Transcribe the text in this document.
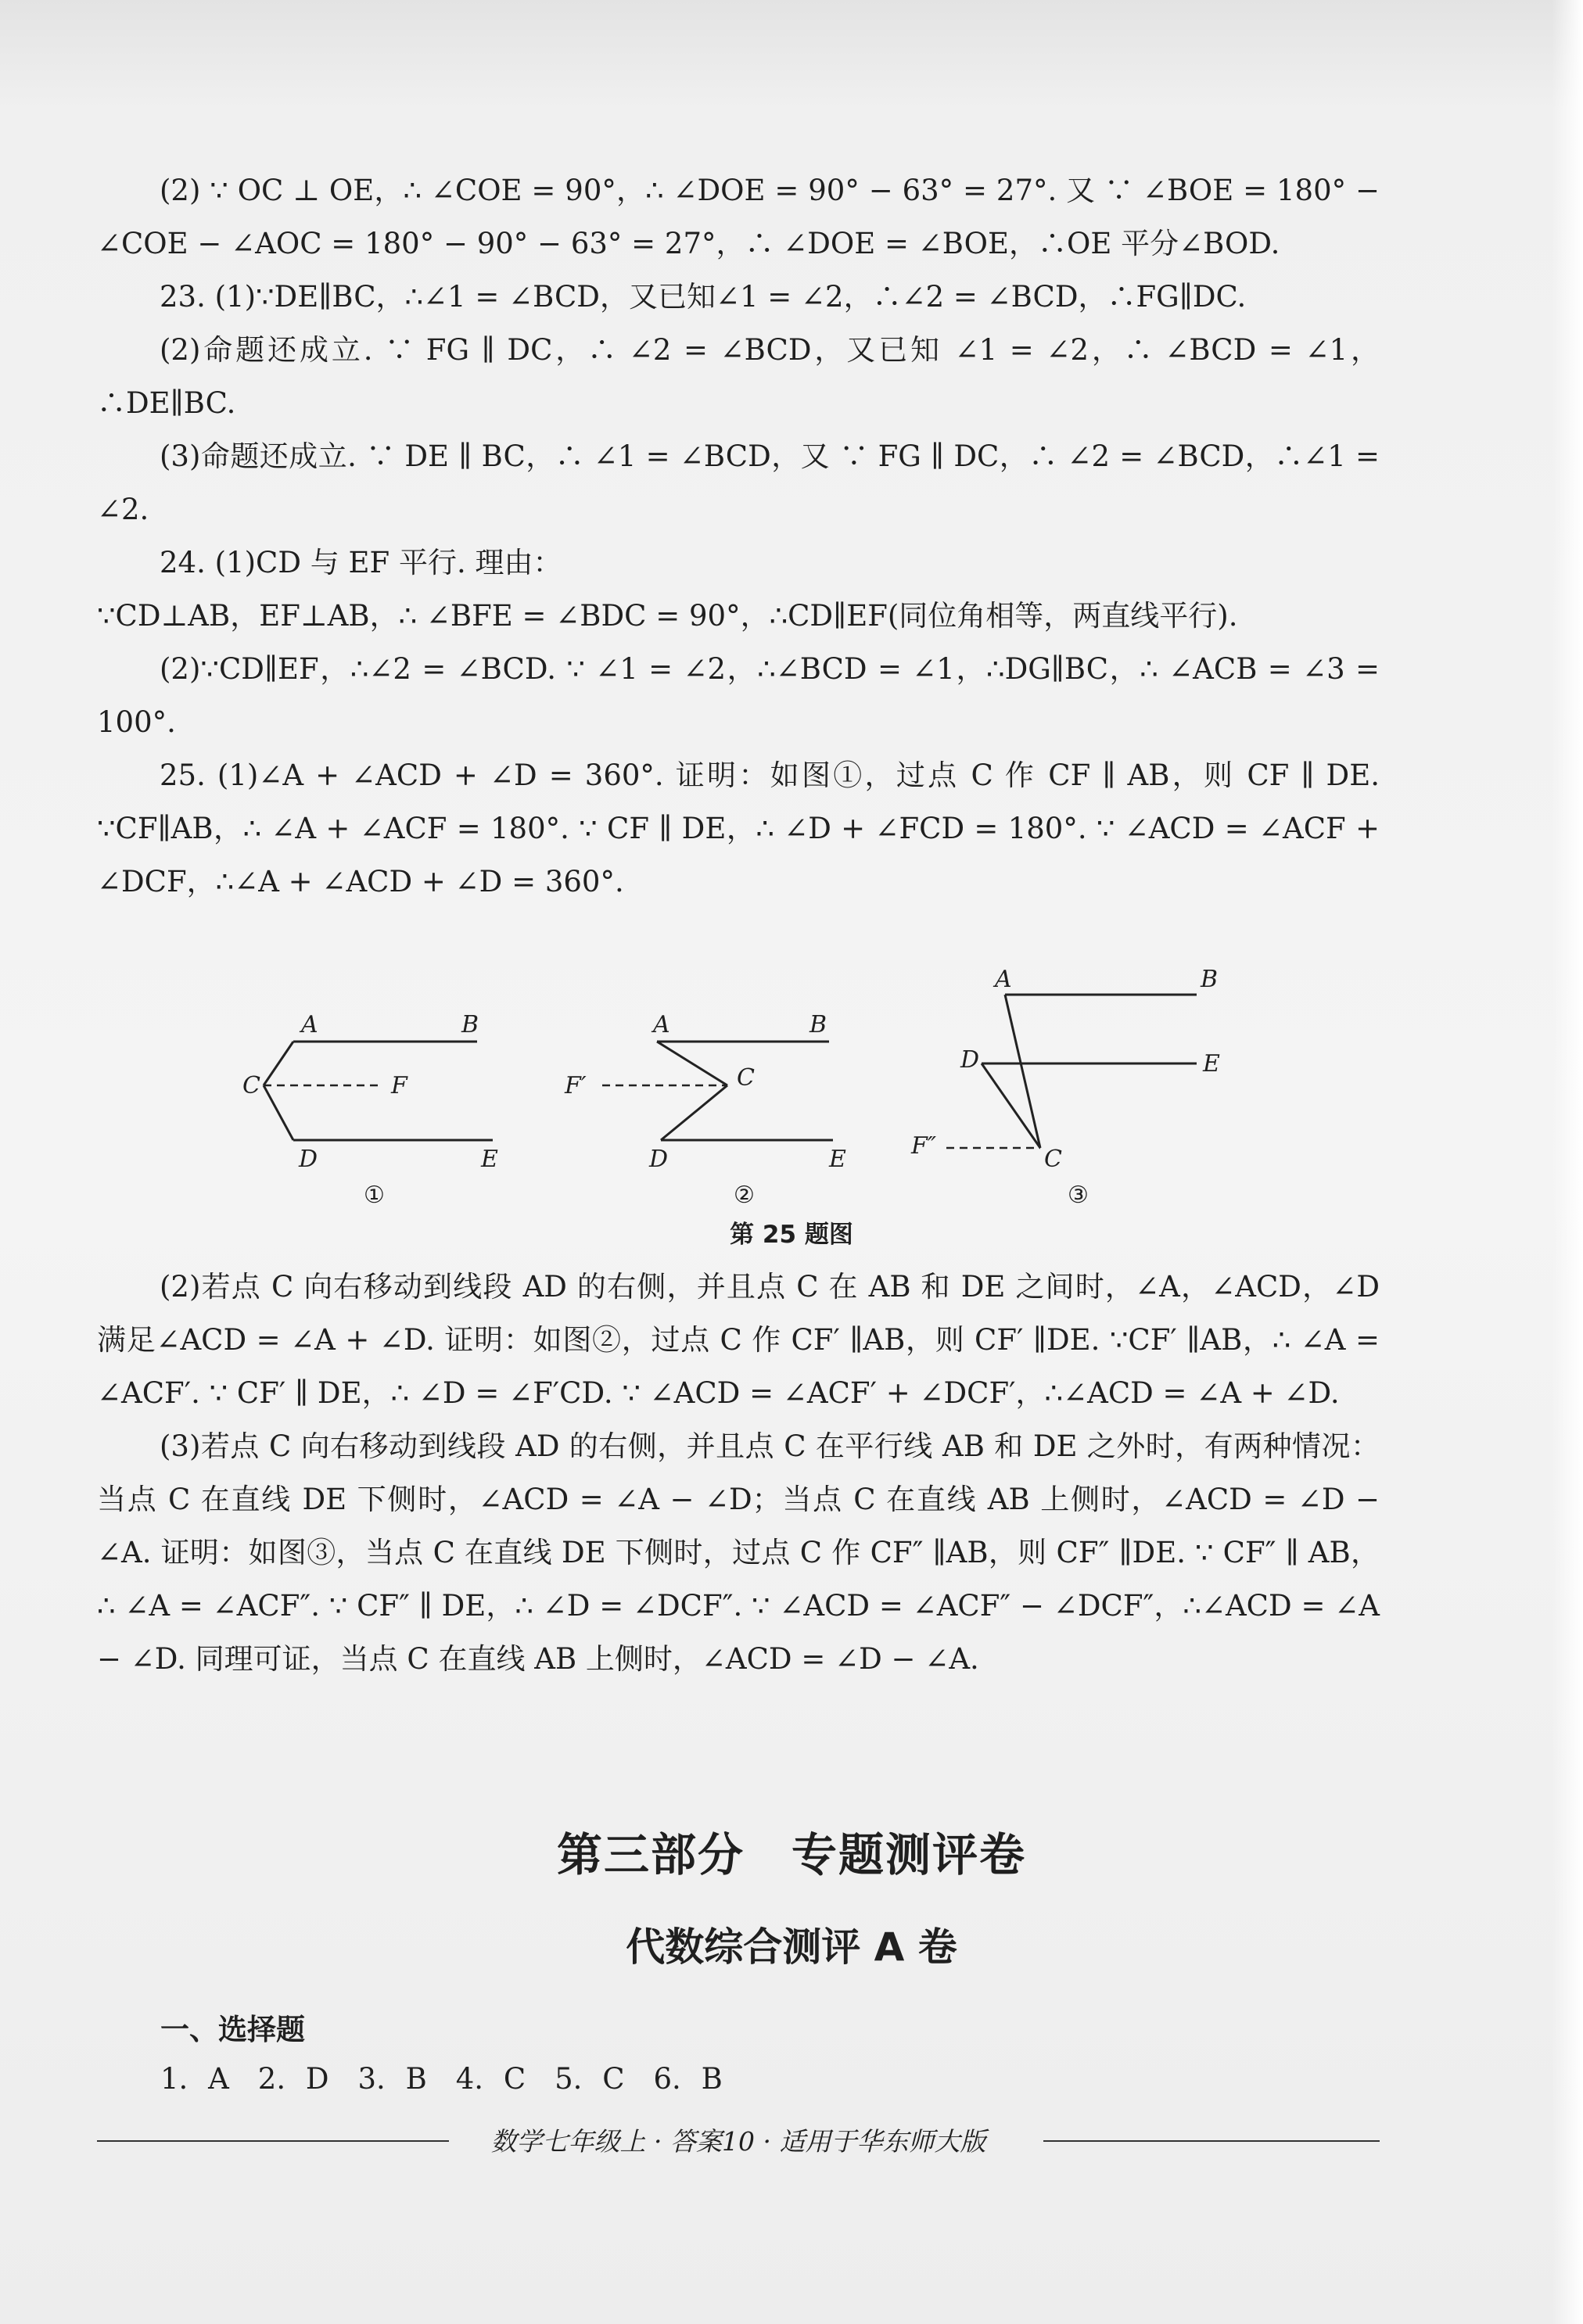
(2) ∵ OC ⊥ OE，∴ ∠COE = 90°，∴ ∠DOE = 90° − 63° = 27°. 又 ∵ ∠BOE = 180° − ∠COE − ∠AOC = 180° − 90° − 63° = 27°，∴ ∠DOE = ∠BOE，∴OE 平分∠BOD.

23. (1)∵DE∥BC，∴∠1 = ∠BCD，又已知∠1 = ∠2，∴∠2 = ∠BCD，∴FG∥DC.

(2)命题还成立. ∵ FG ∥ DC，∴ ∠2 = ∠BCD，又已知 ∠1 = ∠2，∴ ∠BCD = ∠1，∴DE∥BC.

(3)命题还成立. ∵ DE ∥ BC，∴ ∠1 = ∠BCD，又 ∵ FG ∥ DC，∴ ∠2 = ∠BCD，∴∠1 = ∠2.

24. (1)CD 与 EF 平行. 理由：

∵CD⊥AB，EF⊥AB，∴ ∠BFE = ∠BDC = 90°，∴CD∥EF(同位角相等，两直线平行).

(2)∵CD∥EF，∴∠2 = ∠BCD. ∵ ∠1 = ∠2，∴∠BCD = ∠1，∴DG∥BC，∴ ∠ACB = ∠3 = 100°.

25. (1)∠A + ∠ACD + ∠D = 360°. 证明：如图①，过点 C 作 CF ∥ AB，则 CF ∥ DE. ∵CF∥AB，∴ ∠A + ∠ACF = 180°. ∵ CF ∥ DE，∴ ∠D + ∠FCD = 180°. ∵ ∠ACD = ∠ACF + ∠DCF，∴∠A + ∠ACD + ∠D = 360°.

A	B
C	F
D	E
①
A	B
F′	C
D	E
②
A	B
D	E
F″	C
③
第 25 题图

(2)若点 C 向右移动到线段 AD 的右侧，并且点 C 在 AB 和 DE 之间时，∠A，∠ACD，∠D 满足∠ACD = ∠A + ∠D. 证明：如图②，过点 C 作 CF′ ∥AB，则 CF′ ∥DE. ∵CF′ ∥AB，∴ ∠A = ∠ACF′. ∵ CF′ ∥ DE，∴ ∠D = ∠F′CD. ∵ ∠ACD = ∠ACF′ + ∠DCF′，∴∠ACD = ∠A + ∠D.

(3)若点 C 向右移动到线段 AD 的右侧，并且点 C 在平行线 AB 和 DE 之外时，有两种情况：当点 C 在直线 DE 下侧时，∠ACD = ∠A − ∠D；当点 C 在直线 AB 上侧时，∠ACD = ∠D − ∠A. 证明：如图③，当点 C 在直线 DE 下侧时，过点 C 作 CF″ ∥AB，则 CF″ ∥DE. ∵ CF″ ∥ AB，∴ ∠A = ∠ACF″. ∵ CF″ ∥ DE，∴ ∠D = ∠DCF″. ∵ ∠ACD = ∠ACF″ − ∠DCF″，∴∠ACD = ∠A − ∠D. 同理可证，当点 C 在直线 AB 上侧时，∠ACD = ∠D − ∠A.

第三部分　专题测评卷
代数综合测评 A 卷
一、选择题
1. A　2. D　3. B　4. C　5. C　6. B
数学七年级上 · 答案10 · 适用于华东师大版
